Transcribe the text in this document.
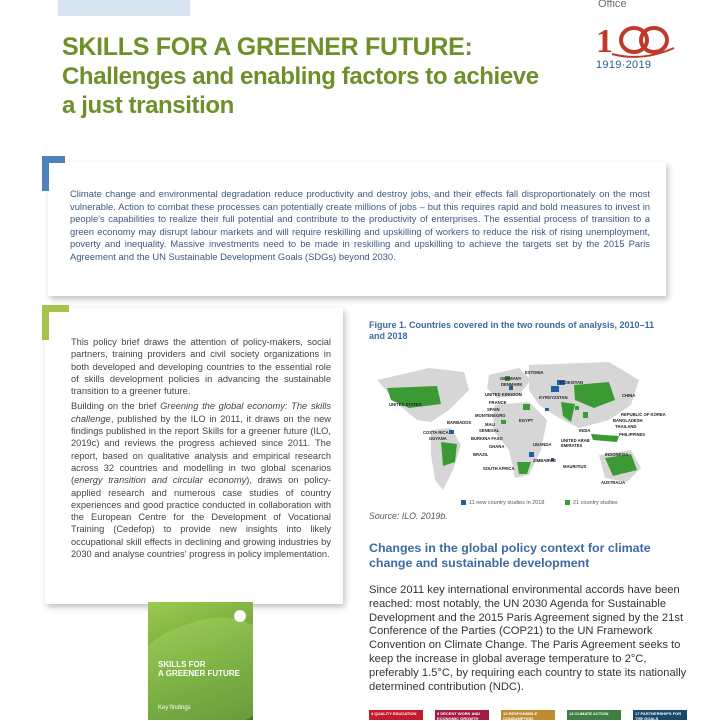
Office
1
1919·2019
SKILLS FOR A GREENER FUTURE:
Challenges and enabling factors to achieve
a just transition

Climate change and environmental degradation reduce productivity and destroy jobs, and their effects fall disproportionately on the most vulnerable. Action to combat these processes can potentially create millions of jobs – but this requires rapid and bold measures to invest in people's capabilities to realize their full potential and contribute to the productivity of enterprises. The essential process of transition to a green economy may disrupt labour markets and will require reskilling and upskilling of workers to reduce the risk of rising unemployment, poverty and inequality. Massive investments need to be made in reskilling and upskilling to achieve the targets set by the 2015 Paris Agreement and the UN Sustainable Development Goals (SDGs) beyond 2030.

This policy brief draws the attention of policy-makers, social partners, training providers and civil society organizations in both developed and developing countries to the essential role of skills development policies in advancing the sustainable transition to a greener future.

Building on the brief Greening the global economy: The skills challenge, published by the ILO in 2011, it draws on the new findings published in the report Skills for a greener future (ILO, 2019c) and reviews the progress achieved since 2011. The report, based on qualitative analysis and empirical research across 32 countries and modelling in two global scenarios (energy transition and circular economy), draws on policy-applied research and numerous case studies of country experiences and good practice conducted in collaboration with the European Centre for the Development of Vocational Training (Cedefop) to provide new insights into likely occupational skill effects in declining and growing industries by 2030 and analyse countries' progress in policy implementation.

SKILLS FOR
A GREENER FUTURE
Key findings
Figure 1. Countries covered in the two rounds of analysis, 2010–11 and 2018
ESTONIA
GERMANY
DENMARK
UNITED KINGDOM
FRANCE
SPAIN
MONTENEGRO
TAJIKISTAN
KYRGYZSTAN	CHINA
REPUBLIC OF KOREA
BANGLADESH
THAILAND
PHILIPPINES
INDIA
INDONESIA
AUSTRALIA
UNITED STATES
BARBADOS
COSTA RICA
GUYANA
BRAZIL
MALI
SENEGAL
BURKINA FASO
EGYPT
GHANA	UGANDA
SOUTH AFRICA
ZIMBABWE
MAURITIUS
UNITED ARAB EMIRATES
11 new country studies in 2018	21 country studies
Source: ILO. 2019b.
Changes in the global policy context for climate change and sustainable development

Since 2011 key international environmental accords have been reached: most notably, the UN 2030 Agenda for Sustainable Development and the 2015 Paris Agreement signed by the 21st Conference of the Parties (COP21) to the UN Framework Convention on Climate Change. The Paris Agreement seeks to keep the increase in global average temperature to 2°C, preferably 1.5°C, by requiring each country to state its nationally determined contribution (NDC).

4 QUALITY EDUCATION	8 DECENT WORK AND ECONOMIC GROWTH
12 RESPONSIBLE CONSUMPTION
13 CLIMATE ACTION	17 PARTNERSHIPS FOR THE GOALS
